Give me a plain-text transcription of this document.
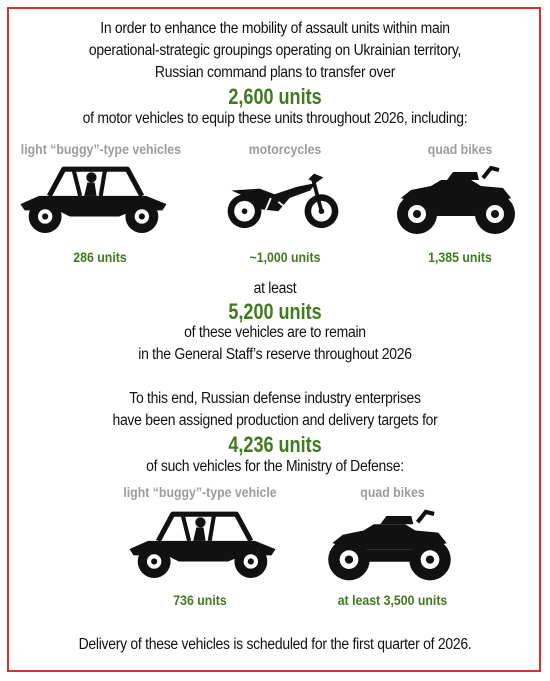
In order to enhance the mobility of assault units within main
operational-strategic groupings operating on Ukrainian territory,
Russian command plans to transfer over
2,600 units
of motor vehicles to equip these units throughout 2026, including:
light “buggy”-type vehicles	motorcycles	quad bikes
286 units	~1,000 units	1,385 units
at least
5,200 units
of these vehicles are to remain
in the General Staff’s reserve throughout 2026
To this end, Russian defense industry enterprises
have been assigned production and delivery targets for
4,236 units
of such vehicles for the Ministry of Defense:
light “buggy”-type vehicle	quad bikes
736 units	at least 3,500 units
Delivery of these vehicles is scheduled for the first quarter of 2026.
